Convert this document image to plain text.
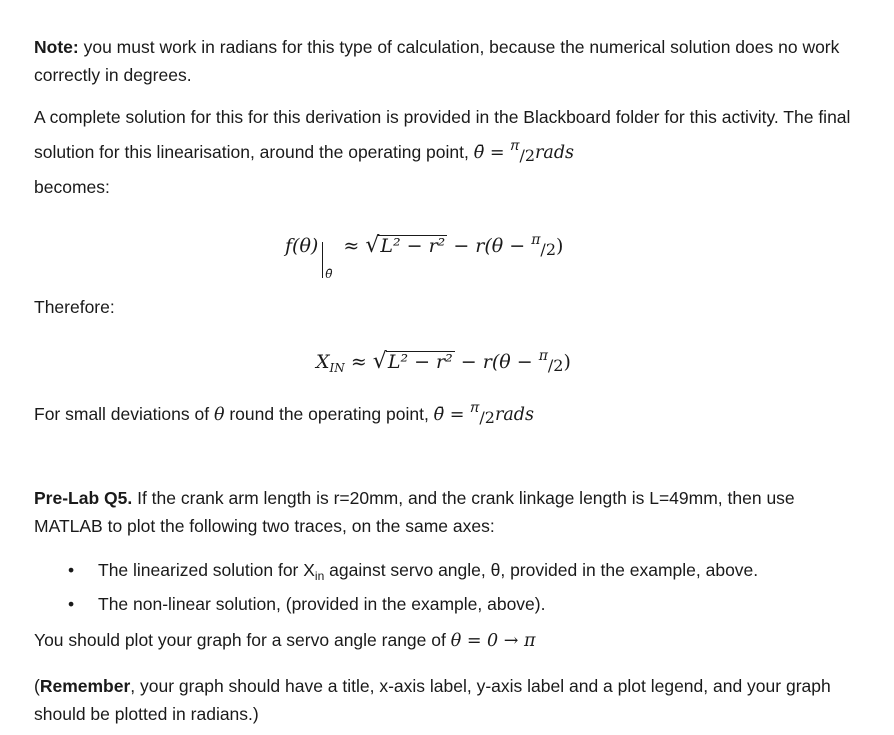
Note: you must work in radians for this type of calculation, because the numerical solution does no work correctly in degrees.
A complete solution for this for this derivation is provided in the Blackboard folder for this activity. The final solution for this linearisation, around the operating point, θ̄ = $^\pi$/2rads
becomes:
f(θ)
θ̄
≈ √L² − r² − r(θ − $^\pi$/2)
Therefore:
$X_{IN} \approx √L^2 - r^2 - r(\theta - ^\pi/2)$
For small deviations of θ round the operating point, θ̄ = $^\pi$/2rads
Pre-Lab Q5. If the crank arm length is r=20mm, and the crank linkage length is L=49mm, then use MATLAB to plot the following two traces, on the same axes:
• The linearized solution for $X_{in}$ against servo angle, θ, provided in the example, above.
• The non-linear solution, (provided in the example, above).
You should plot your graph for a servo angle range of θ = 0 → π
(Remember, your graph should have a title, x-axis label, y-axis label and a plot legend, and your graph should be plotted in radians.)
